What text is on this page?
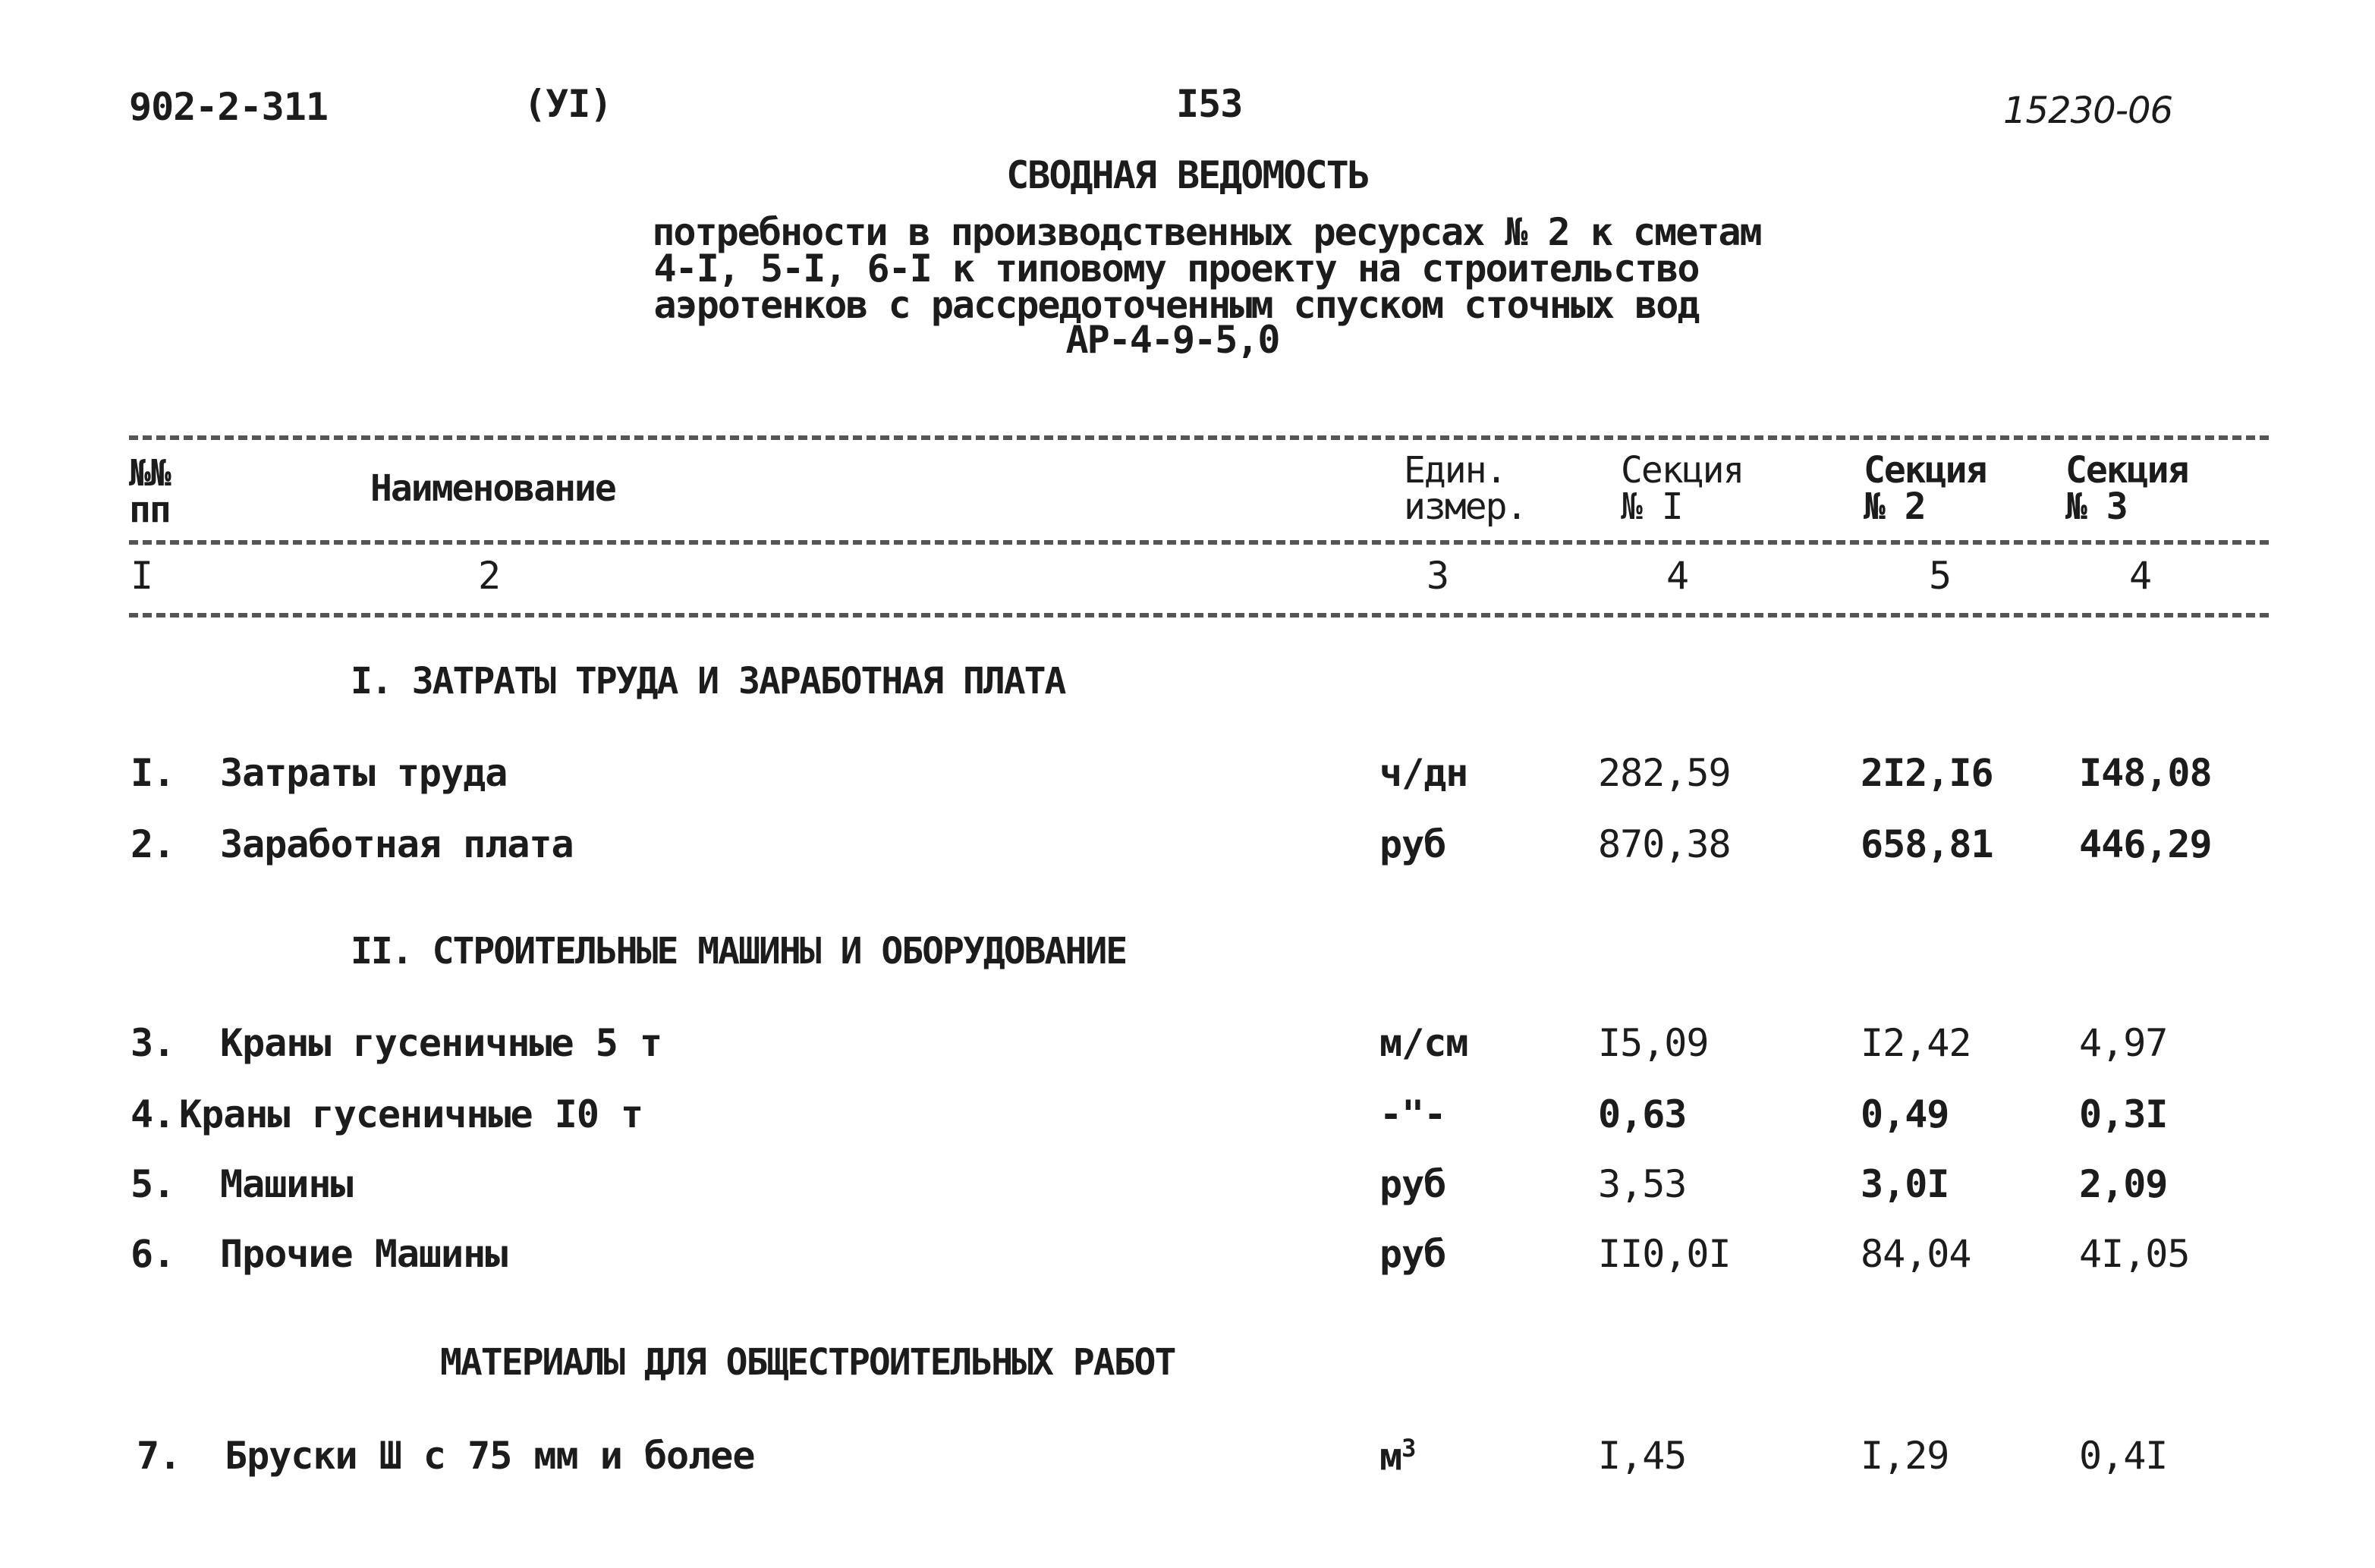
902-2-311	(УI)	I53	15230-06
СВОДНАЯ ВЕДОМОСТЬ
потребности в производственных ресурсах № 2 к сметам
4-I, 5-I, 6-I к типовому проекту на строительство
аэротенков с рассредоточенным спуском сточных вод
АР-4-9-5,0
№№
пп	Наименование	Един.
измер.
Секция
№ I
Секция
№ 2
Секция
№ 3
I	2	3	4	5	4
I. ЗАТРАТЫ ТРУДА И ЗАРАБОТНАЯ ПЛАТА
I. Затраты труда	ч/дн	282,59	2I2,I6 I48,08
2. Заработная плата	руб	870,38	658,81 446,29
II. СТРОИТЕЛЬНЫЕ МАШИНЫ И ОБОРУДОВАНИЕ
3. Краны гусеничные 5 т	м/см	I5,09	I2,42	4,97
4. Краны гусеничные I0 т	-"-	0,63	0,49	0,3I
5. Машины	руб	3,53	3,0I	2,09
6. Прочие Машины	руб	II0,0I	84,04	4I,05
МАТЕРИАЛЫ ДЛЯ ОБЩЕСТРОИТЕЛЬНЫХ РАБОТ
7. Бруски Ш с 75 мм и более	$м^3$	I,45	I,29	0,4I
